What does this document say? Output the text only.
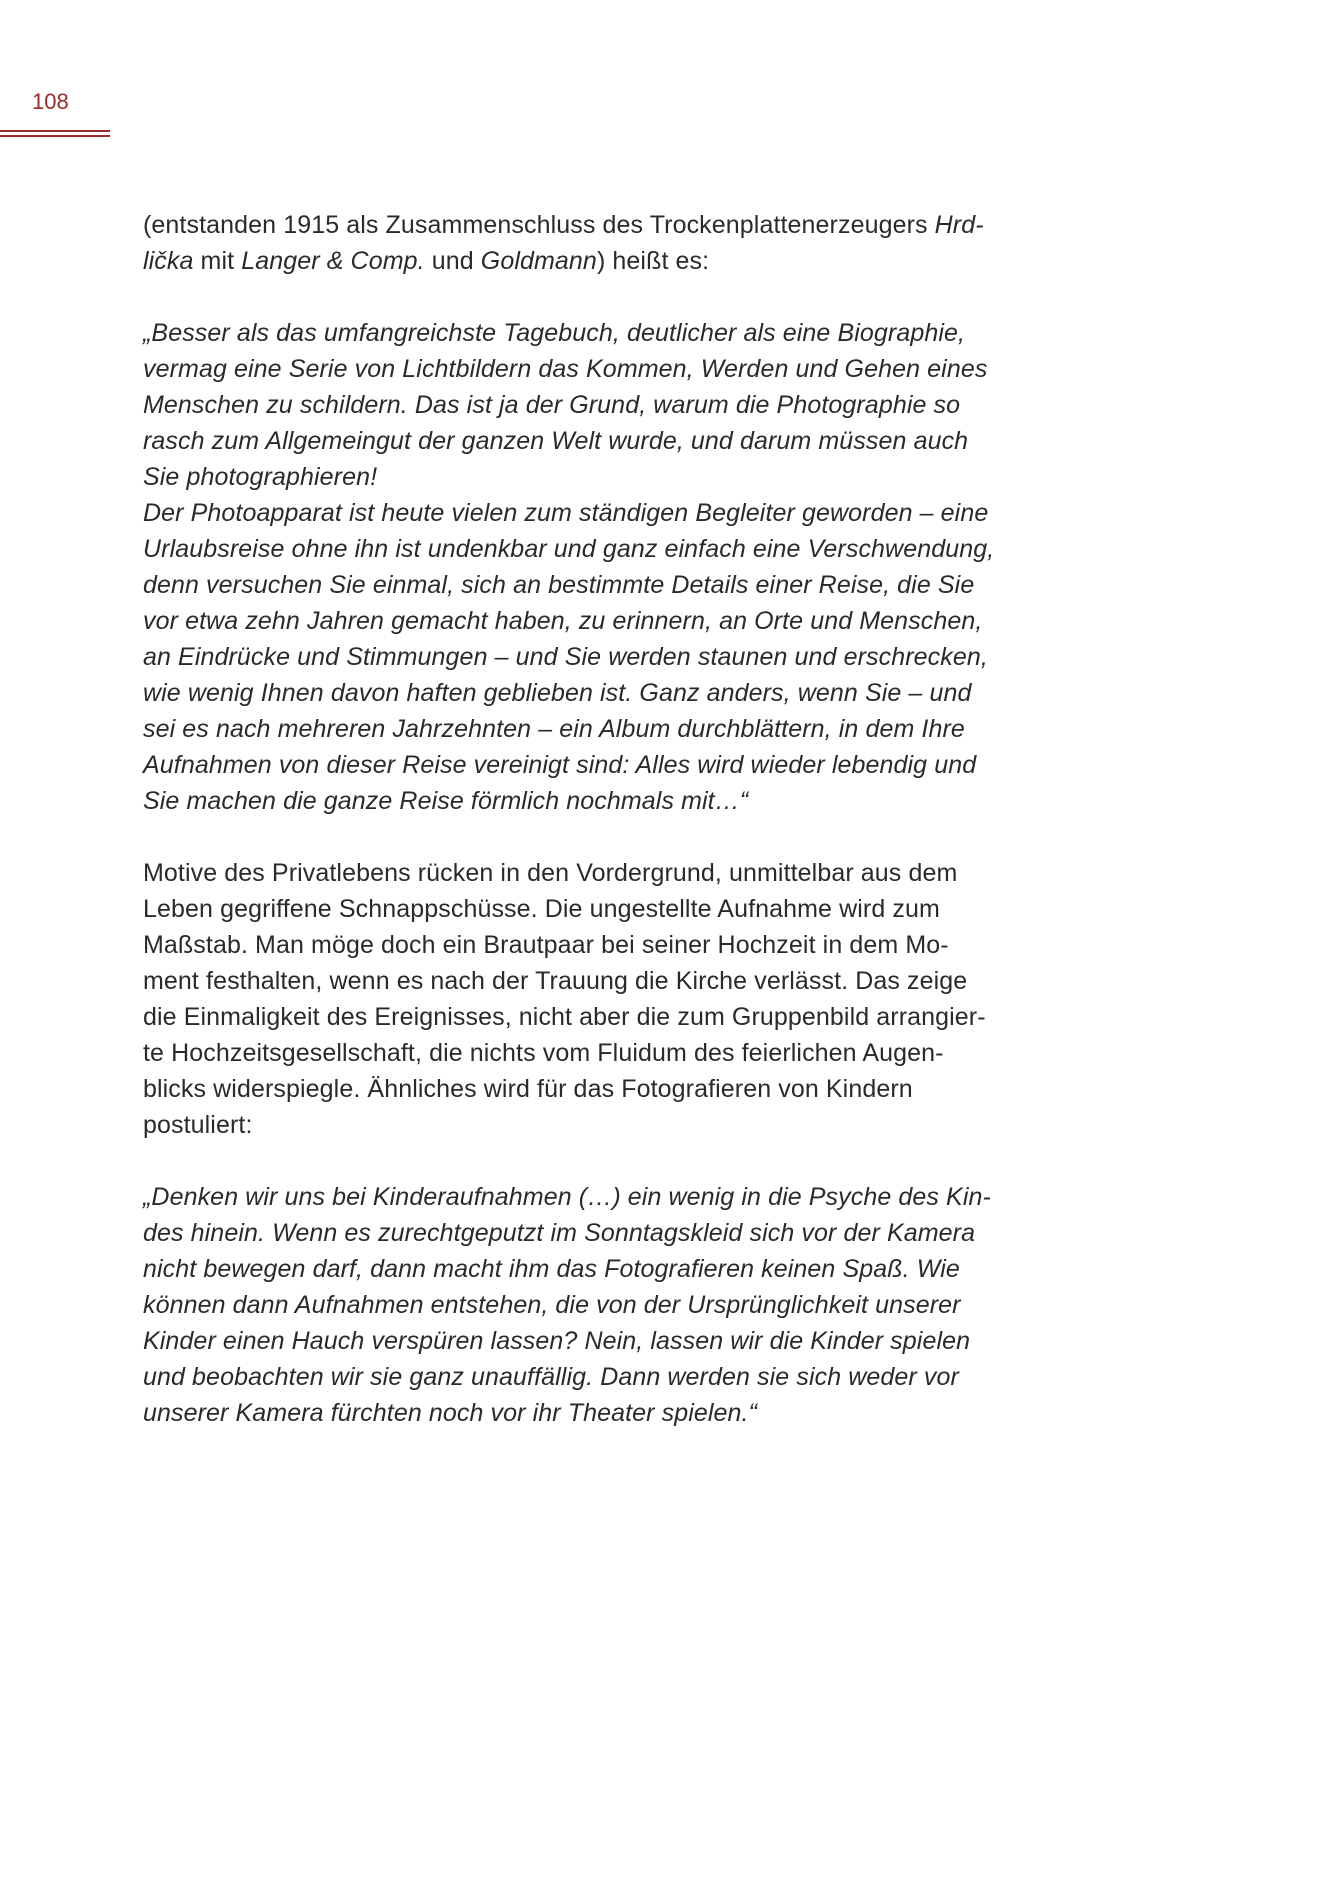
108

(entstanden 1915 als Zusammenschluss des Trockenplattenerzeugers Hrd-
lička mit Langer & Comp. und Goldmann) heißt es:

„Besser als das umfangreichste Tagebuch, deutlicher als eine Biographie,
vermag eine Serie von Lichtbildern das Kommen, Werden und Gehen eines
Menschen zu schildern. Das ist ja der Grund, warum die Photographie so
rasch zum Allgemeingut der ganzen Welt wurde, und darum müssen auch
Sie photographieren!
Der Photoapparat ist heute vielen zum ständigen Begleiter geworden – eine
Urlaubsreise ohne ihn ist undenkbar und ganz einfach eine Verschwendung,
denn versuchen Sie einmal, sich an bestimmte Details einer Reise, die Sie
vor etwa zehn Jahren gemacht haben, zu erinnern, an Orte und Menschen,
an Eindrücke und Stimmungen – und Sie werden staunen und erschrecken,
wie wenig Ihnen davon haften geblieben ist. Ganz anders, wenn Sie – und
sei es nach mehreren Jahrzehnten – ein Album durchblättern, in dem Ihre
Aufnahmen von dieser Reise vereinigt sind: Alles wird wieder lebendig und
Sie machen die ganze Reise förmlich nochmals mit…“

Motive des Privatlebens rücken in den Vordergrund, unmittelbar aus dem
Leben gegriffene Schnappschüsse. Die ungestellte Aufnahme wird zum
Maßstab. Man möge doch ein Brautpaar bei seiner Hochzeit in dem Mo-
ment festhalten, wenn es nach der Trauung die Kirche verlässt. Das zeige
die Einmaligkeit des Ereignisses, nicht aber die zum Gruppenbild arrangier-
te Hochzeitsgesellschaft, die nichts vom Fluidum des feierlichen Augen-
blicks widerspiegle. Ähnliches wird für das Fotografieren von Kindern
postuliert:

„Denken wir uns bei Kinderaufnahmen (…) ein wenig in die Psyche des Kin-
des hinein. Wenn es zurechtgeputzt im Sonntagskleid sich vor der Kamera
nicht bewegen darf, dann macht ihm das Fotografieren keinen Spaß. Wie
können dann Aufnahmen entstehen, die von der Ursprünglichkeit unserer
Kinder einen Hauch verspüren lassen? Nein, lassen wir die Kinder spielen
und beobachten wir sie ganz unauffällig. Dann werden sie sich weder vor
unserer Kamera fürchten noch vor ihr Theater spielen.“
